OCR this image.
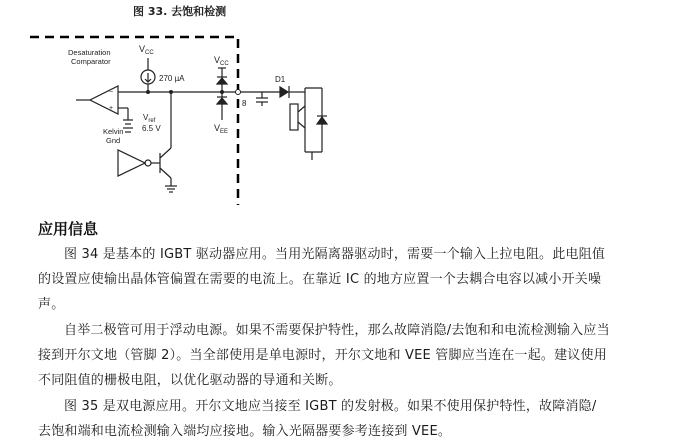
图 33. 去饱和检测
Desaturation
Comparator
−
+
$V_{CC}$
270 µA
$V_{ref}$
6.5 V
Kelvin
Gnd
$V_{CC}$
$V_{EE}$
8
D1
应用信息
图 34 是基本的 IGBT 驱动器应用。当用光隔离器驱动时，需要一个输入上拉电阻。此电阻值
的设置应使输出晶体管偏置在需要的电流上。在靠近 IC 的地方应置一个去耦合电容以减小开关噪
声。
自举二极管可用于浮动电源。如果不需要保护特性，那么故障消隐/去饱和和电流检测输入应当
接到开尔文地（管脚 2）。当全部使用是单电源时，开尔文地和 VEE 管脚应当连在一起。建议使用
不同阻值的栅极电阻，以优化驱动器的导通和关断。
图 35 是双电源应用。开尔文地应当接至 IGBT 的发射极。如果不使用保护特性，故障消隐/
去饱和端和电流检测输入端均应接地。输入光隔器要参考连接到 VEE。
